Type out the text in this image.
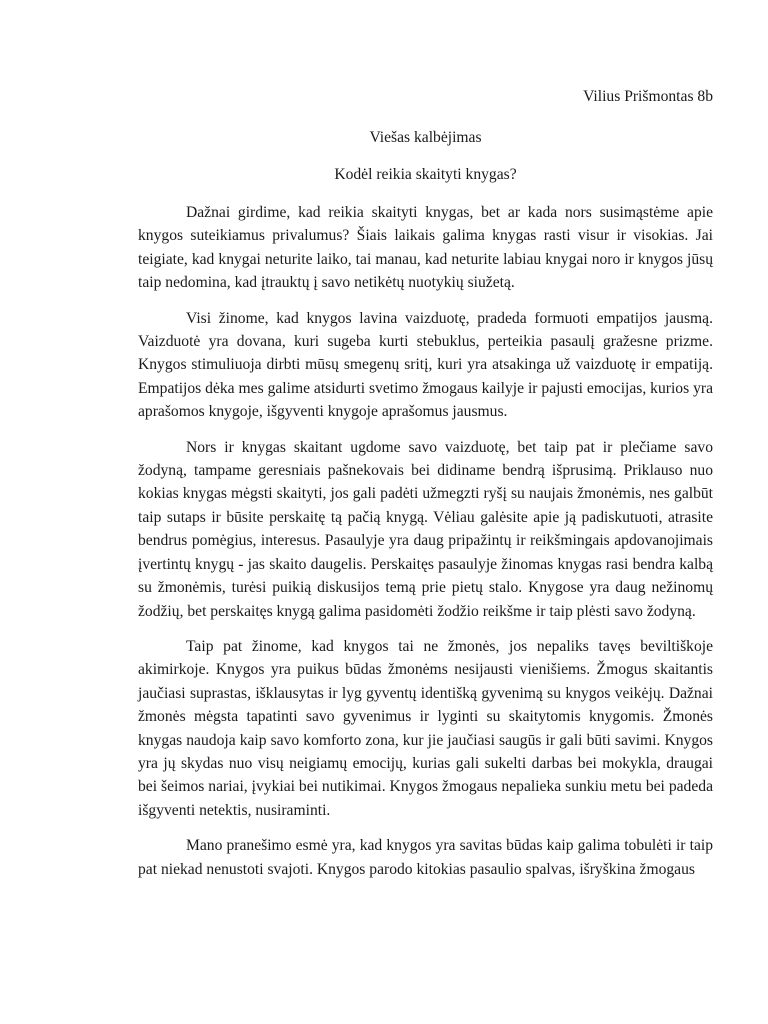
Vilius Prišmontas 8b
Viešas kalbėjimas
Kodėl reikia skaityti knygas?

Dažnai girdime, kad reikia skaityti knygas, bet ar kada nors susimąstėme apie knygos suteikiamus privalumus? Šiais laikais galima knygas rasti visur ir visokias. Jai teigiate, kad knygai neturite laiko, tai manau, kad neturite labiau knygai noro ir knygos jūsų taip nedomina, kad įtrauktų į savo netikėtų nuotykių siužetą.

Visi žinome, kad knygos lavina vaizduotę, pradeda formuoti empatijos jausmą. Vaizduotė yra dovana, kuri sugeba kurti stebuklus, perteikia pasaulį gražesne prizme. Knygos stimuliuoja dirbti mūsų smegenų sritį, kuri yra atsakinga už vaizduotę ir empatiją. Empatijos dėka mes galime atsidurti svetimo žmogaus kailyje ir pajusti emocijas, kurios yra aprašomos knygoje, išgyventi knygoje aprašomus jausmus.

Nors ir knygas skaitant ugdome savo vaizduotę, bet taip pat ir plečiame savo žodyną, tampame geresniais pašnekovais bei didiname bendrą išprusimą. Priklauso nuo kokias knygas mėgsti skaityti, jos gali padėti užmegzti ryšį su naujais žmonėmis, nes galbūt taip sutaps ir būsite perskaitę tą pačią knygą. Vėliau galėsite apie ją padiskutuoti, atrasite bendrus pomėgius, interesus. Pasaulyje yra daug pripažintų ir reikšmingais apdovanojimais įvertintų knygų - jas skaito daugelis. Perskaitęs pasaulyje žinomas knygas rasi bendra kalbą su žmonėmis, turėsi puikią diskusijos temą prie pietų stalo. Knygose yra daug nežinomų žodžių, bet perskaitęs knygą galima pasidomėti žodžio reikšme ir taip plėsti savo žodyną.

Taip pat žinome, kad knygos tai ne žmonės, jos nepaliks tavęs beviltiškoje akimirkoje. Knygos yra puikus būdas žmonėms nesijausti vienišiems. Žmogus skaitantis jaučiasi suprastas, išklausytas ir lyg gyventų identišką gyvenimą su knygos veikėjų. Dažnai žmonės mėgsta tapatinti savo gyvenimus ir lyginti su skaitytomis knygomis. Žmonės knygas naudoja kaip savo komforto zona, kur jie jaučiasi saugūs ir gali būti savimi. Knygos yra jų skydas nuo visų neigiamų emocijų, kurias gali sukelti darbas bei mokykla, draugai bei šeimos nariai, įvykiai bei nutikimai. Knygos žmogaus nepalieka sunkiu metu bei padeda išgyventi netektis, nusiraminti.

Mano pranešimo esmė yra, kad knygos yra savitas būdas kaip galima tobulėti ir taip pat niekad nenustoti svajoti. Knygos parodo kitokias pasaulio spalvas, išryškina žmogaus
